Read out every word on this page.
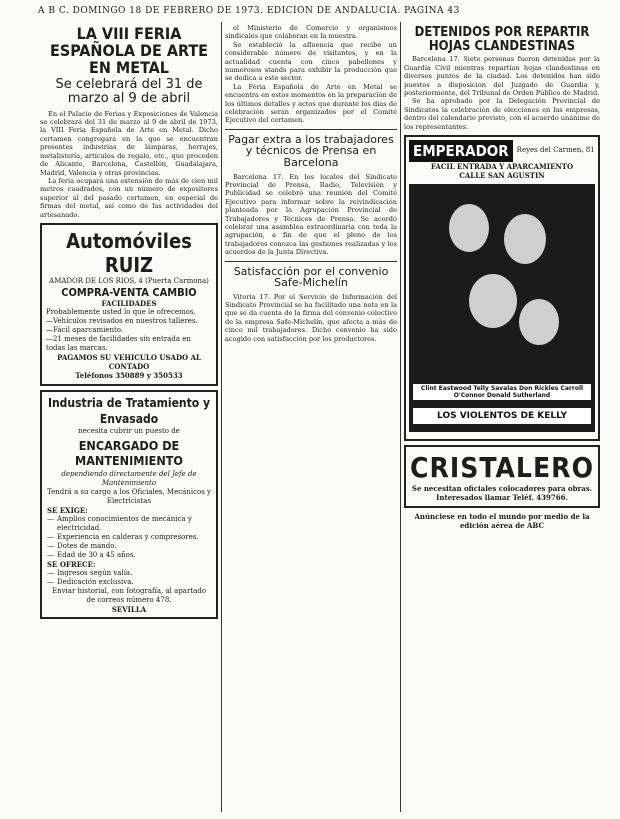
A B C. DOMINGO 18 DE FEBRERO DE 1973. EDICION DE ANDALUCIA. PAGINA 43
LA VIII FERIA ESPAÑOLA DE ARTE EN METAL
Se celebrará del 31 de marzo al 9 de abril

En el Palacio de Ferias y Exposiciones de Valencia se celebrará del 31 de marzo al 9 de abril de 1973, la VIII Feria Española de Arte en Metal. Dicho certamen congregará en la que se encuentran presentes industrias de lámparas, herrajes, metalistería, artículos de regalo, etc., que proceden de Alicante, Barcelona, Castellón, Guadalajara, Madrid, Valencia y otras provincias.

La feria ocupará una extensión de más de cien mil metros cuadrados, con un número de expositores superior al del pasado certamen, en especial de firmas del metal, así como de las actividades del artesanado.

Automóviles RUIZ

AMADOR DE LOS RIOS, 4 (Puerta Carmona)

COMPRA-VENTA CAMBIO

FACILIDADES

Probablemente usted lo que le ofrecemos.

—Vehículos revisados en nuestros talleres.

—Fácil aparcamiento.

—21 meses de facilidades sin entrada en todas las marcas.

PAGAMOS SU VEHICULO USADO AL CONTADO

Teléfonos 350889 y 350533

Industria de Tratamiento y Envasado

necesita cubrir un puesto de

ENCARGADO DE MANTENIMIENTO

dependiendo directamente del Jefe de Mantenimiento

Tendrá a su cargo a los Oficiales, Mecánicos y Electricistas

SE EXIGE:

— Amplios conocimientos de mecánica y electricidad.

— Experiencia en calderas y compresores.

— Dotes de mando.

— Edad de 30 a 45 años.

SE OFRECE:

— Ingresos según valía.

— Dedicación exclusiva.

Enviar historial, con fotografía, al apartado de correos número 478.

SEVILLA

el Ministerio de Comercio y organismos sindicales que colaboran en la muestra.

Se estableció la afluencia que recibe un considerable número de visitantes, y en la actualidad cuenta con cinco pabellones y numerosos stands para exhibir la producción que se dedica a este sector.

La Feria Española de Arte en Metal se encuentra en estos momentos en la preparación de los últimos detalles y actos que durante los días de celebración serán organizados por el Comité Ejecutivo del certamen.

Pagar extra a los trabajadores y técnicos de Prensa en Barcelona

Barcelona 17. En los locales del Sindicato Provincial de Prensa, Radio, Televisión y Publicidad se celebró una reunión del Comité Ejecutivo para informar sobre la reivindicación planteada por la Agrupación Provincial de Trabajadores y Técnicos de Prensa. Se acordó celebrar una asamblea extraordinaria con toda la agrupación, a fin de que el pleno de los trabajadores conozca las gestiones realizadas y los acuerdos de la Junta Directiva.

Satisfacción por el convenio Safe-Michelín

Vitoria 17. Por el Servicio de Información del Sindicato Provincial se ha facilitado una nota en la que se da cuenta de la firma del convenio colectivo de la empresa Safe-Michelín, que afecta a más de cinco mil trabajadores. Dicho convenio ha sido acogido con satisfacción por los productores.

DETENIDOS POR REPARTIR HOJAS CLANDESTINAS

Barcelona 17. Siete personas fueron detenidas por la Guardia Civil mientras repartían hojas clandestinas en diversos puntos de la ciudad. Los detenidos han sido puestos a disposición del Juzgado de Guardia y, posteriormente, del Tribunal de Orden Público de Madrid.

Se ha aprobado por la Delegación Provincial de Sindicatos la celebración de elecciones en las empresas, dentro del calendario previsto, con el acuerdo unánime de los representantes.

EMPERADOR	Reyes del Carmen, 81

FACIL ENTRADA Y APARCAMIENTO

CALLE SAN AGUSTIN

Clint Eastwood Telly Savalas Don Rickles Carroll O'Connor Donald Sutherland
LOS VIOLENTOS DE KELLY
CRISTALERO

Se necesitan oficiales colocadores para obras.

Interesados llamar Teléf. 439766.

Anúnciese en todo el mundo por medio de la edición aérea de ABC
